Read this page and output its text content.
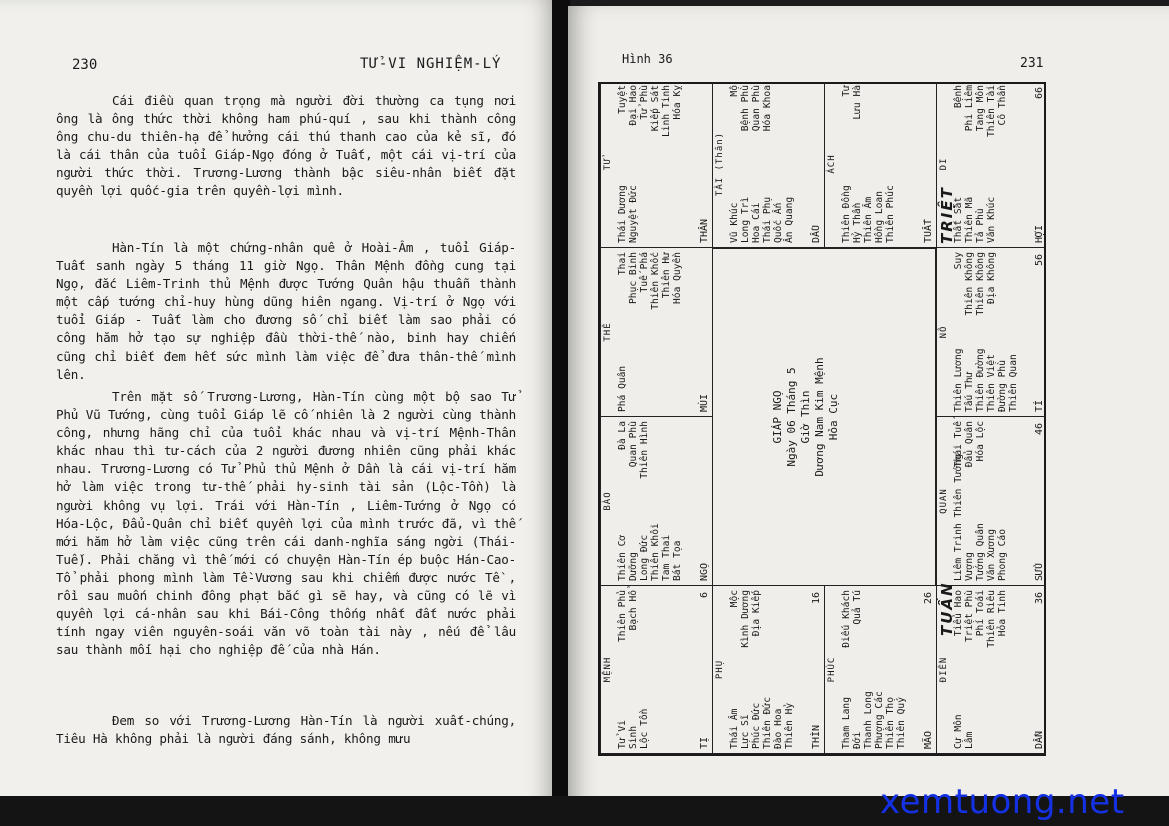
230	TỬ-VI NGHIỆM-LÝ

Cái điều quan trọng mà người đời thường ca tụng nơi ông là ông thức thời không ham phú-quí , sau khi thành công ông chu-du thiên-hạ để hưởng cái thú thanh cao của kẻ sĩ, đó là cái thân của tuổi Giáp-Ngọ đóng ở Tuất, một cái vị-trí của người thức thời. Trương-Lương thành bậc siêu-nhân biết đặt quyền lợi quốc-gia trên quyền-lợi mình.

Hàn-Tín là một chứng-nhân quê ở Hoài-Âm , tuổi Giáp-Tuất sanh ngày 5 tháng 11 giờ Ngọ. Thân Mệnh đồng cung tại Ngọ, đắc Liêm-Trinh thủ Mệnh được Tướng Quân hậu thuẫn thành một cấp tướng chỉ-huy hùng dũng hiên ngang. Vị-trí ở Ngọ với tuổi Giáp - Tuất làm cho đương số chỉ biết làm sao phải có công hăm hở tạo sự nghiệp đầu thời-thế nào, binh hay chiến cũng chỉ biết đem hết sức mình làm việc để đưa thân-thế mình lên.

Trên mặt số Trương-Lương, Hàn-Tín cùng một bộ sao Tử Phủ Vũ Tướng, cùng tuổi Giáp lẽ cố nhiên là 2 người cùng thành công, nhưng hãng chỉ của tuổi khác nhau và vị-trí Mệnh-Thân khác nhau thì tư-cách của 2 người đương nhiên cũng phải khác nhau. Trương-Lương có Tử Phủ thủ Mệnh ở Dần là cái vị-trí hăm hở làm việc trong tư-thế phải hy-sinh tài sản (Lộc-Tồn) là người không vụ lợi. Trái với Hàn-Tín , Liêm-Tướng ở Ngọ có Hóa-Lộc, Đẩu-Quân chỉ biết quyền lợi của mình trước đã, vì thế mới hăm hở làm việc cũng trên cái danh-nghĩa sáng ngời (Thái-Tuế). Phải chăng vì thế mới có chuyện Hàn-Tín ép buộc Hán-Cao-Tổ phải phong mình làm Tề-Vương sau khi chiếm được nước Tề , rồi sau muốn chinh đông phạt bắc gì sẽ hay, và cũng có lẽ vì quyền lợi cá-nhân sau khi Bái-Công thống nhất đất nước phải tính ngay viên nguyên-soái văn võ toàn tài này , nếu để lâu sau thành mối hại cho nghiệp đế của nhà Hán.

Đem so với Trương-Lương Hàn-Tín là người xuất-chúng, Tiêu Hà không phải là người đáng sánh, không mưu

Hình 36	231
MỆNH
Tử Vi
Sinh
Lộc Tồn
Thiên Phủ
Bạch Hổ
TỊ
6
BÀO
Thiên Cơ
Dưỡng
Long Đức
Thiên Khôi
Tam Thai
Bát Tọa
Đà La
Quan Phù
Thiên Hình
NGỌ
THÊ
Phá Quân
Thai
Phục Binh
Tuế Phá
Thiên Khốc
Thiên Hư
Hóa Quyền
MÙI
TỬ
Thái Dương
Nguyệt Đức
Tuyệt
Đại Hao
Tử Phù
Kiếp Sát
Linh Tinh
Hóa Kỵ
THÂN
PHỤ
Thái Âm
Lực Sĩ
Phúc Đức
Thiên Đức
Đào Hoa
Thiên Hỷ
Mộc
Kình Dương
Địa Kiếp
THÌN
16
PHÚC
Tham Lang
Đới
Thanh Long
Phượng Các
Thiên Thọ
Thiên Quý
Điếu Khách
Quả Tú
MÃO
26
TÀI (Thân)
Vũ Khúc
Long Trì
Hoa Cái
Thái Phụ
Quốc Ấn
Ân Quang
Mộ
Bệnh Phù
Quan Phù
Hóa Khoa
DẦU
ÁCH
Thiên Đồng
Hỷ Thần
Thiên Âm
Hồng Loan
Thiên Phúc
Tử
Lưu Hà
TUẤT
ĐIỀN
Cự Môn
Lâm
Tiểu Hao
Triệt Phù
Phí Toái
Thiên Riêu
Hỏa Tinh
DẦN
36
QUAN
Liêm Trinh Thiên Tướng
Vượng
Tướng Quân
Văn Xương
Phong Cáo
Thái Tuế
Đẩu Quân
Hóa Lộc
SỬU
46
NÔ
Thiên Lương
Tấu Thư
Thiên Đường
Thiên Việt
Đường Phù
Thiên Quan
Suy
Thiên Không
Thiên Không
Địa Không
TÍ
56
DI
Thất Sát
Thiên Mã
Tả Phù
Văn Khúc
Bệnh
Phi Liêm
Tang Môn
Thiên Tài
Cô Thần
HỢI
66
GIÁP NGỌ
Ngày 06 Tháng 5
Giờ Thìn
Dương Nam Kim Mệnh
Hỏa Cục
TRIỆT
TUẦN
xemtuong.net
